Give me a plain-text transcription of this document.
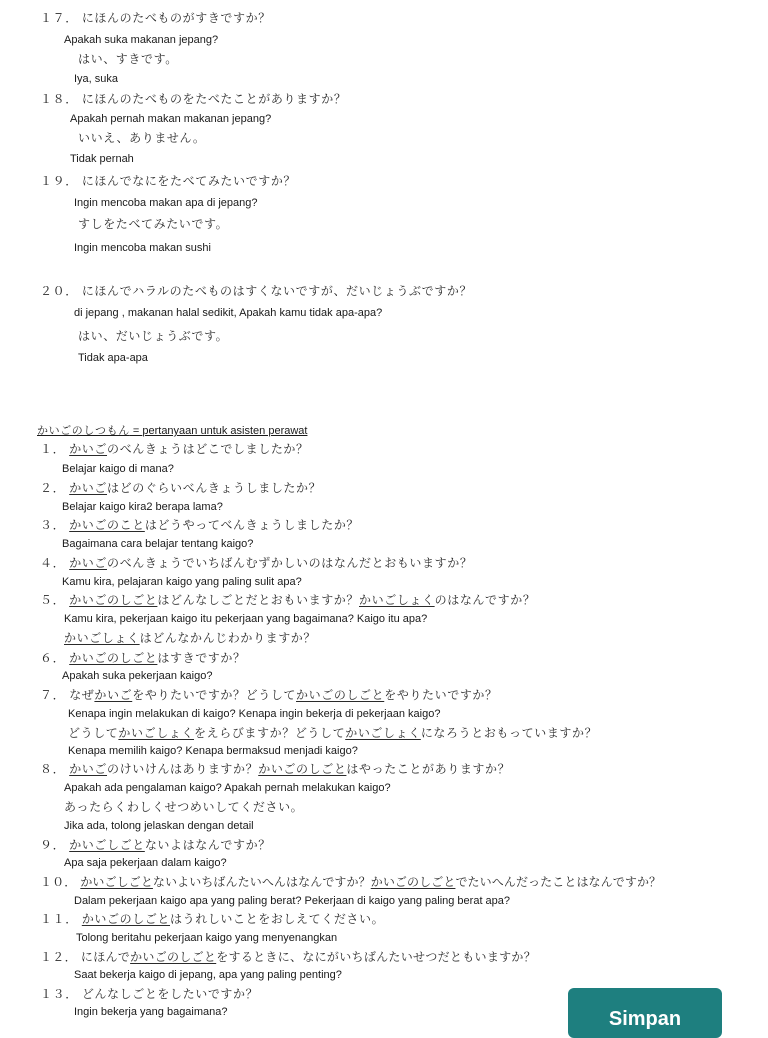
１７． にほんのたべものがすきですか？
Apakah suka makanan jepang?
はい、すきです。
Iya, suka
１８． にほんのたべものをたべたことがありますか？
Apakah pernah makan makanan jepang?
いいえ、ありません。
Tidak pernah
１９． にほんでなにをたべてみたいですか？
Ingin mencoba makan apa di jepang?
すしをたべてみたいです。
Ingin mencoba makan sushi
２０． にほんでハラルのたべものはすくないですが、だいじょうぶですか？
di jepang , makanan halal sedikit, Apakah kamu tidak apa-apa?
はい、だいじょうぶです。
Tidak apa-apa
かいごのしつもん = pertanyaan untuk asisten perawat
１． かいごのべんきょうはどこでしましたか？
Belajar kaigo di mana?
２． かいごはどのぐらいべんきょうしましたか？
Belajar kaigo kira2 berapa lama?
３． かいごのことはどうやってべんきょうしましたか？
Bagaimana cara belajar tentang kaigo?
４． かいごのべんきょうでいちばんむずかしいのはなんだとおもいますか？
Kamu kira, pelajaran kaigo yang paling sulit apa?
５． かいごのしごとはどんなしごとだとおもいますか？かいごしょくのはなんですか？
Kamu kira, pekerjaan kaigo itu pekerjaan yang bagaimana? Kaigo itu apa?
かいごしょくはどんなかんじわかりますか？
６． かいごのしごとはすきですか？
Apakah suka pekerjaan kaigo?
７． なぜかいごをやりたいですか？どうしてかいごのしごとをやりたいですか？
Kenapa ingin melakukan di kaigo? Kenapa ingin bekerja di pekerjaan kaigo?
どうしてかいごしょくをえらびますか？どうしてかいごしょくになろうとおもっていますか？
Kenapa memilih kaigo? Kenapa bermaksud menjadi kaigo?
８． かいごのけいけんはありますか？かいごのしごとはやったことがありますか？
Apakah ada pengalaman kaigo? Apakah pernah melakukan kaigo?
あったらくわしくせつめいしてください。
Jika ada, tolong jelaskan dengan detail
９． かいごしごとないよはなんですか？
Apa saja pekerjaan dalam kaigo?
１０． かいごしごとないよいちばんたいへんはなんですか？かいごのしごとでたいへんだったことはなんですか？
Dalam pekerjaan kaigo apa yang paling berat? Pekerjaan di kaigo yang paling berat apa?
１１． かいごのしごとはうれしいことをおしえてください。
Tolong beritahu pekerjaan kaigo yang menyenangkan
１２． にほんでかいごのしごとをするときに、なにがいちばんたいせつだともいますか？
Saat bekerja kaigo di jepang, apa yang paling penting?
１３． どんなしごとをしたいですか？
Ingin bekerja yang bagaimana?	Simpan
